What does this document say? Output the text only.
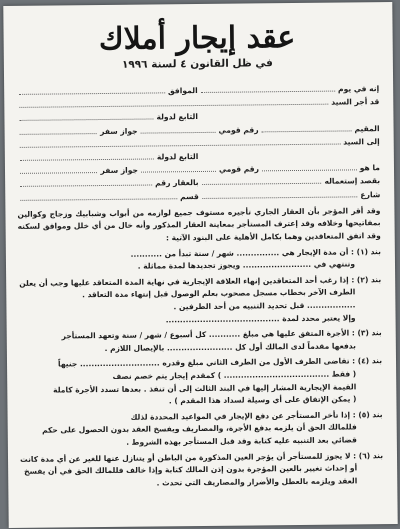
عقد إيجار أملاك
في ظل القانون ٤ لسنة ١٩٩٦
إنه في يوم
الموافق
قد أجر السيد
التابع لدولة
المقيم
رقم قومي
جواز سفر
إلى السيد
التابع لدولة
ما هو
رقم قومي
جواز سفر
بقصد إستعماله
بالعقار رقم
شارع
قسم
وقد أقر المؤجر بأن العقار الجاري تأجيره مستوف جميع لوازمه من أبواب وشبابيك وزجاج وكوالين بمفاتيحها وخلافه وقد إعترف المستأجر بمعاينة العقار المذكور وأنه خال من أي خلل ومواقق لسكنه وقد اتفق المتعاقدين وهما بكامل الأهلية على البنود الآتية :
بند (١) : أن مدة الإيجار هي ............... شهر / سنة تبدأ من ...........
وتنتهي في ........................ ويجوز تجديدها لمدة مماثلة .
بند (٢) : إذا رغب أحد المتعاقدين إنهاء العلاقة الإيجارية في نهاية المدة المتعاقد عليها وجب أن يعلن
الطرف الآخر بخطاب مسجل مصحوب بعلم الوصول قبل إنتهاء مدة التعاقد .
................. قبل تحديد التنبيه من أحد الطرفين .
وإلا يعتبر محدد لمدة ........................................
بند (٣) : الأجرة المتفق عليها هي مبلغ ........... كل أسبوع / شهر / سنة وتعهد المستأجر
بدفعها مقدماً لدى المالك أول كل ....................... بالإيصال اللازم .
بند (٤) : تقاضى الطرف الأول من الطرف الثاني مبلغ وقدره ............................ جنيهاً
( فقط ..................................... ) كمقدم إيجار يتم خصم نصف
القيمة الإيجارية المشار إليها في البند الثالث إلى أن تنفذ . بعدها تسدد الأجرة كاملة
( يمكن الإتفاق على أي وسيلة لسداد هذا المقدم ) .
بند (٥) : إذا تأخر المستأجر عن دفع الإيجار في المواعيد المحددة لذلك
فللمالك الحق أن يلزمه بدفع الأجرة، والمصاريف ويفسخ العقد بدون الحصول على حكم
قضائي بعد التنبيه عليه كتابة وقد قبل المستأجر بهذه الشروط .
بند (٦) : لا يجوز للمستأجر أن يؤجر العين المذكورة من الباطن أو يتنازل عنها للغير عن أي مدة كانت
أو إحداث تغيير بالعين المؤجرة بدون إذن المالك كتابة وإذا خالف فللمالك الحق في أن يفسخ
العقد ويلزمه بالعطل والأضرار والمصاريف التي تحدث .
